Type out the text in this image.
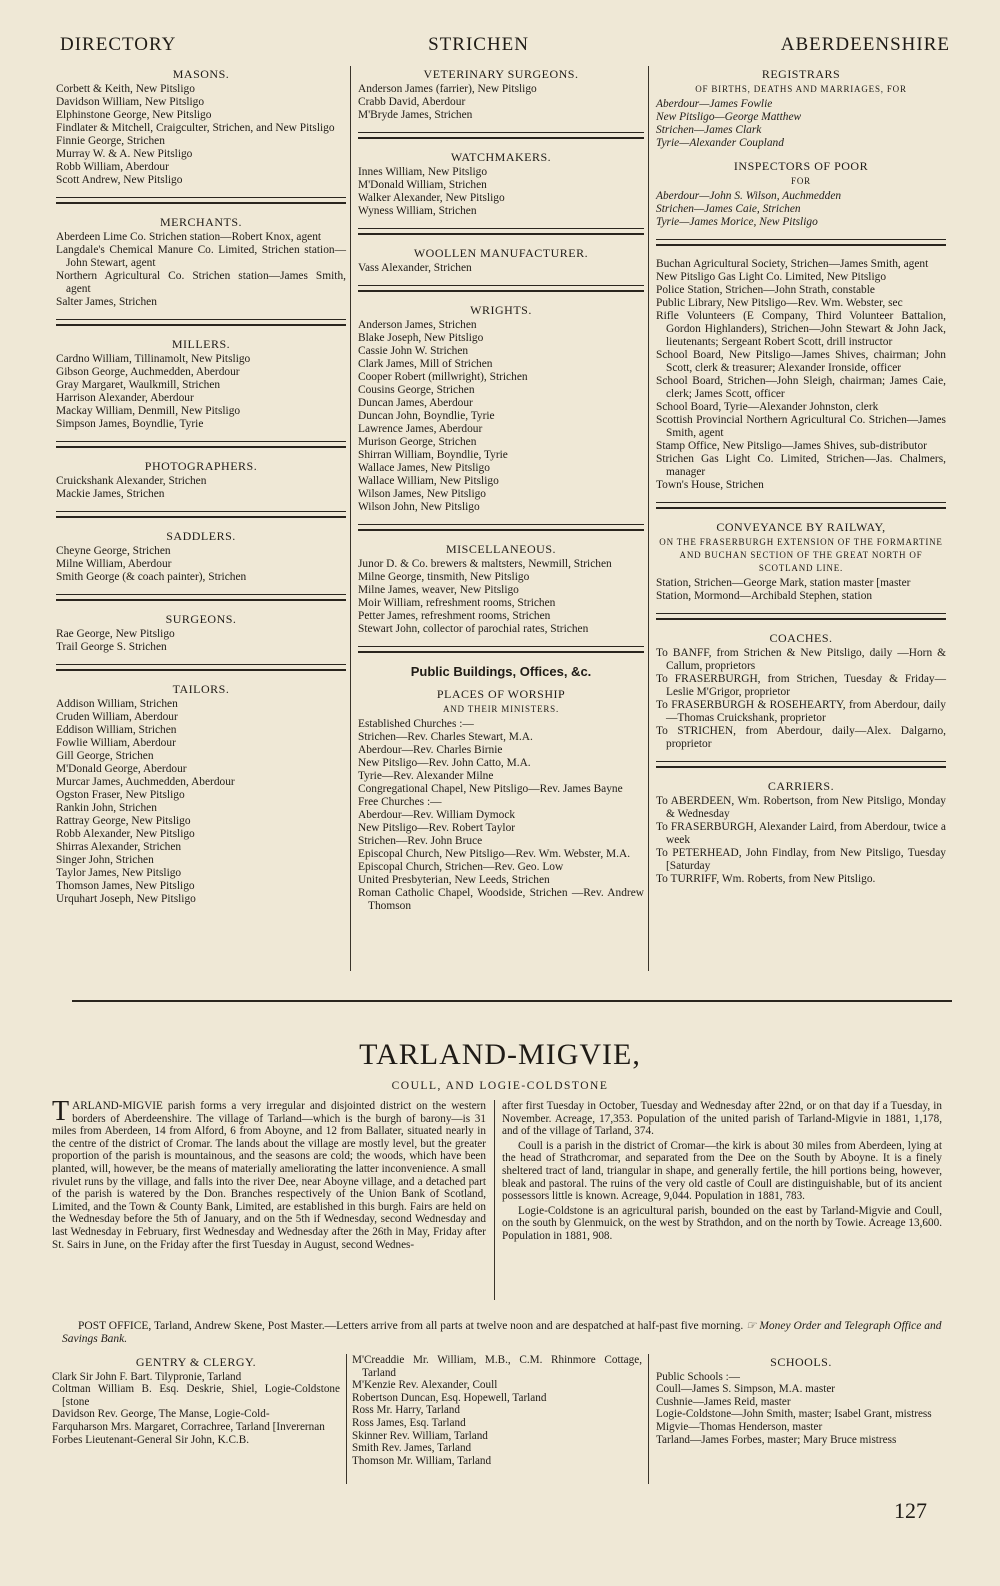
DIRECTORY	STRICHEN	ABERDEENSHIRE
MASONS.
Corbett & Keith, New Pitsligo
Davidson William, New Pitsligo
Elphinstone George, New Pitsligo
Findlater & Mitchell, Craigculter, Strichen, and New Pitsligo
Finnie George, Strichen
Murray W. & A. New Pitsligo
Robb William, Aberdour
Scott Andrew, New Pitsligo
MERCHANTS.
Aberdeen Lime Co. Strichen station—Robert Knox, agent
Langdale's Chemical Manure Co. Limited, Strichen station—John Stewart, agent
Northern Agricultural Co. Strichen station—James Smith, agent
Salter James, Strichen
MILLERS.
Cardno William, Tillinamolt, New Pitsligo
Gibson George, Auchmedden, Aberdour
Gray Margaret, Waulkmill, Strichen
Harrison Alexander, Aberdour
Mackay William, Denmill, New Pitsligo
Simpson James, Boyndlie, Tyrie
PHOTOGRAPHERS.
Cruickshank Alexander, Strichen
Mackie James, Strichen
SADDLERS.
Cheyne George, Strichen
Milne William, Aberdour
Smith George (& coach painter), Strichen
SURGEONS.
Rae George, New Pitsligo
Trail George S. Strichen
TAILORS.
Addison William, Strichen
Cruden William, Aberdour
Eddison William, Strichen
Fowlie William, Aberdour
Gill George, Strichen
M'Donald George, Aberdour
Murcar James, Auchmedden, Aberdour
Ogston Fraser, New Pitsligo
Rankin John, Strichen
Rattray George, New Pitsligo
Robb Alexander, New Pitsligo
Shirras Alexander, Strichen
Singer John, Strichen
Taylor James, New Pitsligo
Thomson James, New Pitsligo
Urquhart Joseph, New Pitsligo
VETERINARY SURGEONS.
Anderson James (farrier), New Pitsligo
Crabb David, Aberdour
M'Bryde James, Strichen
WATCHMAKERS.
Innes William, New Pitsligo
M'Donald William, Strichen
Walker Alexander, New Pitsligo
Wyness William, Strichen
WOOLLEN MANUFACTURER.
Vass Alexander, Strichen
WRIGHTS.
Anderson James, Strichen
Blake Joseph, New Pitsligo
Cassie John W. Strichen
Clark James, Mill of Strichen
Cooper Robert (millwright), Strichen
Cousins George, Strichen
Duncan James, Aberdour
Duncan John, Boyndlie, Tyrie
Lawrence James, Aberdour
Murison George, Strichen
Shirran William, Boyndlie, Tyrie
Wallace James, New Pitsligo
Wallace William, New Pitsligo
Wilson James, New Pitsligo
Wilson John, New Pitsligo
MISCELLANEOUS.
Junor D. & Co. brewers & maltsters, Newmill, Strichen
Milne George, tinsmith, New Pitsligo
Milne James, weaver, New Pitsligo
Moir William, refreshment rooms, Strichen
Petter James, refreshment rooms, Strichen
Stewart John, collector of parochial rates, Strichen
Public Buildings, Offices, &c.
PLACES OF WORSHIP
AND THEIR MINISTERS.
Established Churches :—
Strichen—Rev. Charles Stewart, M.A.
Aberdour—Rev. Charles Birnie
New Pitsligo—Rev. John Catto, M.A.
Tyrie—Rev. Alexander Milne
Congregational Chapel, New Pitsligo—Rev. James Bayne
Free Churches :—
Aberdour—Rev. William Dymock
New Pitsligo—Rev. Robert Taylor
Strichen—Rev. John Bruce
Episcopal Church, New Pitsligo—Rev. Wm. Webster, M.A.
Episcopal Church, Strichen—Rev. Geo. Low
United Presbyterian, New Leeds, Strichen
Roman Catholic Chapel, Woodside, Strichen —Rev. Andrew Thomson
REGISTRARS
OF BIRTHS, DEATHS AND MARRIAGES, FOR
Aberdour—James Fowlie
New Pitsligo—George Matthew
Strichen—James Clark
Tyrie—Alexander Coupland
INSPECTORS OF POOR
FOR
Aberdour—John S. Wilson, Auchmedden
Strichen—James Caie, Strichen
Tyrie—James Morice, New Pitsligo
Buchan Agricultural Society, Strichen—James Smith, agent
New Pitsligo Gas Light Co. Limited, New Pitsligo
Police Station, Strichen—John Strath, constable
Public Library, New Pitsligo—Rev. Wm. Webster, sec
Rifle Volunteers (E Company, Third Volunteer Battalion, Gordon Highlanders), Strichen—John Stewart & John Jack, lieutenants; Sergeant Robert Scott, drill instructor
School Board, New Pitsligo—James Shives, chairman; John Scott, clerk & treasurer; Alexander Ironside, officer
School Board, Strichen—John Sleigh, chairman; James Caie, clerk; James Scott, officer
School Board, Tyrie—Alexander Johnston, clerk
Scottish Provincial Northern Agricultural Co. Strichen—James Smith, agent
Stamp Office, New Pitsligo—James Shives, sub-distributor
Strichen Gas Light Co. Limited, Strichen—Jas. Chalmers, manager
Town's House, Strichen
CONVEYANCE BY RAILWAY,
ON THE FRASERBURGH EXTENSION OF THE FORMARTINE AND BUCHAN SECTION OF THE GREAT NORTH OF SCOTLAND LINE.
Station, Strichen—George Mark, station master [master
Station, Mormond—Archibald Stephen, station
COACHES.
To BANFF, from Strichen & New Pitsligo, daily —Horn & Callum, proprietors
To FRASERBURGH, from Strichen, Tuesday & Friday—Leslie M'Grigor, proprietor
To FRASERBURGH & ROSEHEARTY, from Aberdour, daily—Thomas Cruickshank, proprietor
To STRICHEN, from Aberdour, daily—Alex. Dalgarno, proprietor
CARRIERS.
To ABERDEEN, Wm. Robertson, from New Pitsligo, Monday & Wednesday
To FRASERBURGH, Alexander Laird, from Aberdour, twice a week
To PETERHEAD, John Findlay, from New Pitsligo, Tuesday [Saturday
To TURRIFF, Wm. Roberts, from New Pitsligo.
TARLAND-MIGVIE,
COULL, AND LOGIE-COLDSTONE

TARLAND-MIGVIE parish forms a very irregular and disjointed district on the western borders of Aberdeenshire. The village of Tarland—which is the burgh of barony—is 31 miles from Aberdeen, 14 from Alford, 6 from Aboyne, and 12 from Ballater, situated nearly in the centre of the district of Cromar. The lands about the village are mostly level, but the greater proportion of the parish is mountainous, and the seasons are cold; the woods, which have been planted, will, however, be the means of materially ameliorating the latter inconvenience. A small rivulet runs by the village, and falls into the river Dee, near Aboyne village, and a detached part of the parish is watered by the Don. Branches respectively of the Union Bank of Scotland, Limited, and the Town & County Bank, Limited, are established in this burgh. Fairs are held on the Wednesday before the 5th of January, and on the 5th if Wednesday, second Wednesday and last Wednesday in February, first Wednesday and Wednesday after the 26th in May, Friday after St. Sairs in June, on the Friday after the first Tuesday in August, second Wednes-

after first Tuesday in October, Tuesday and Wednesday after 22nd, or on that day if a Tuesday, in November. Acreage, 17,353. Population of the united parish of Tarland-Migvie in 1881, 1,178, and of the village of Tarland, 374.

Coull is a parish in the district of Cromar—the kirk is about 30 miles from Aberdeen, lying at the head of Strathcromar, and separated from the Dee on the South by Aboyne. It is a finely sheltered tract of land, triangular in shape, and generally fertile, the hill portions being, however, bleak and pastoral. The ruins of the very old castle of Coull are distinguishable, but of its ancient possessors little is known. Acreage, 9,044. Population in 1881, 783.

Logie-Coldstone is an agricultural parish, bounded on the east by Tarland-Migvie and Coull, on the south by Glenmuick, on the west by Strathdon, and on the north by Towie. Acreage 13,600. Population in 1881, 908.

POST OFFICE, Tarland, Andrew Skene, Post Master.—Letters arrive from all parts at twelve noon and are despatched at half-past five morning. ☞ Money Order and Telegraph Office and Savings Bank.
GENTRY & CLERGY.
Clark Sir John F. Bart. Tilypronie, Tarland
Coltman William B. Esq. Deskrie, Shiel, Logie-Coldstone [stone
Davidson Rev. George, The Manse, Logie-Cold-
Farquharson Mrs. Margaret, Corrachree, Tarland [Inverernan
Forbes Lieutenant-General Sir John, K.C.B.
M'Creaddie Mr. William, M.B., C.M. Rhinmore Cottage, Tarland
M'Kenzie Rev. Alexander, Coull
Robertson Duncan, Esq. Hopewell, Tarland
Ross Mr. Harry, Tarland
Ross James, Esq. Tarland
Skinner Rev. William, Tarland
Smith Rev. James, Tarland
Thomson Mr. William, Tarland
SCHOOLS.
Public Schools :—
Coull—James S. Simpson, M.A. master
Cushnie—James Reid, master
Logie-Coldstone—John Smith, master; Isabel Grant, mistress
Migvie—Thomas Henderson, master
Tarland—James Forbes, master; Mary Bruce mistress
127
